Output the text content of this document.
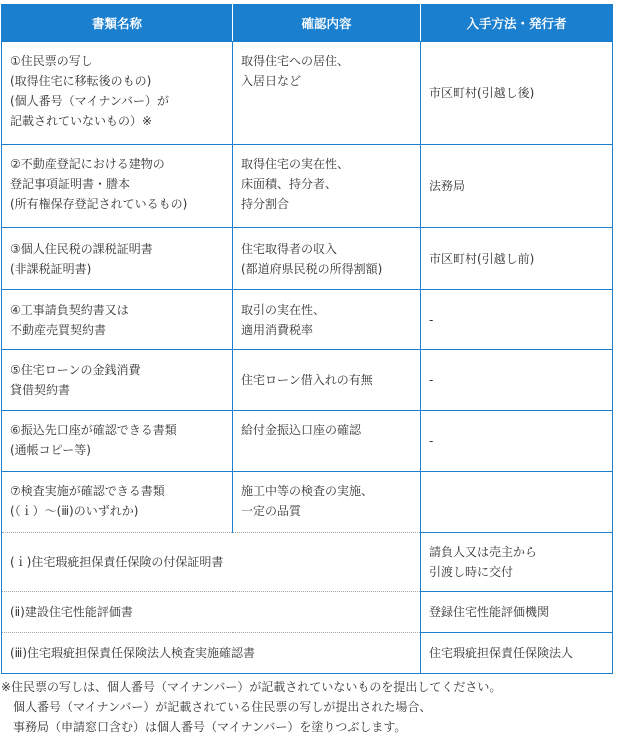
書類名称	確認内容	入手方法・発行者
①住民票の写し
(取得住宅に移転後のもの)
(個人番号（マイナンバー）が
記載されていないもの）※	取得住宅への居住、
入居日など	市区町村(引越し後)
②不動産登記における建物の
登記事項証明書・謄本
(所有権保存登記されているもの)	取得住宅の実在性、
床面積、持分者、
持分割合	法務局
③個人住民税の課税証明書
(非課税証明書)	住宅取得者の収入
(都道府県民税の所得割額)	市区町村(引越し前)
④工事請負契約書又は
不動産売買契約書	取引の実在性、
適用消費税率	-
⑤住宅ローンの金銭消費
貸借契約書	住宅ローン借入れの有無	-
⑥振込先口座が確認できる書類
(通帳コピー等)	給付金振込口座の確認	-
⑦検査実施が確認できる書類
(（ｉ）～(ⅲ)のいずれか)	施工中等の検査の実施、
一定の品質	
(ｉ)住宅瑕疵担保責任保険の付保証明書		請負人又は売主から
引渡し時に交付
(ⅱ)建設住宅性能評価書		登録住宅性能評価機関
(ⅲ)住宅瑕疵担保責任保険法人検査実施確認書		住宅瑕疵担保責任保険法人
※住民票の写しは、個人番号（マイナンバー）が記載されていないものを提出してください。
個人番号（マイナンバー）が記載されている住民票の写しが提出された場合、
事務局（申請窓口含む）は個人番号（マイナンバー）を塗りつぶします。
